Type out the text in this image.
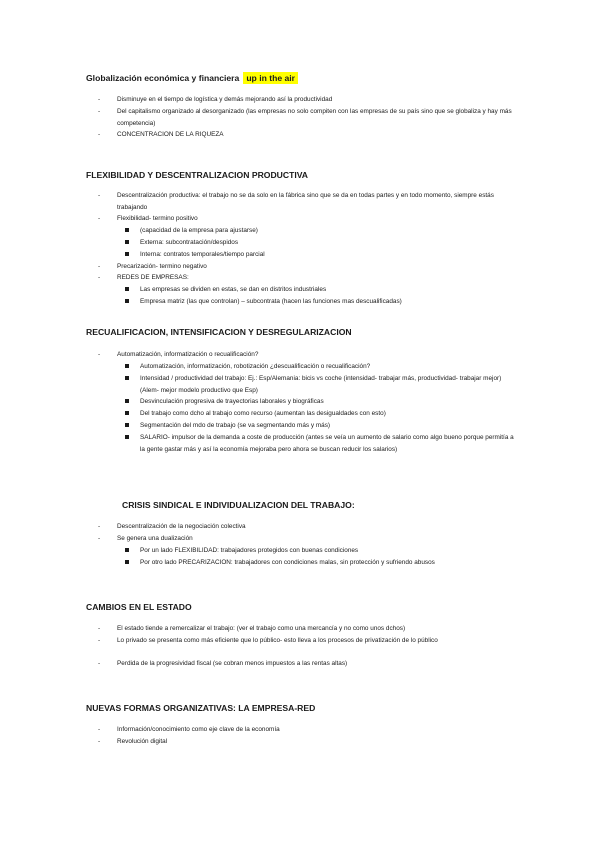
Globalización económica y financiera up in the air
- Disminuye en el tiempo de logística y demás mejorando así la productividad
- Del capitalismo organizado al desorganizado (las empresas no solo compiten con las empresas de su país sino que se globaliza y hay más competencia)
- CONCENTRACION DE LA RIQUEZA
FLEXIBILIDAD Y DESCENTRALIZACION PRODUCTIVA
- Descentralización productiva: el trabajo no se da solo en la fábrica sino que se da en todas partes y en todo momento, siempre estás trabajando
- Flexibilidad- termino positivo
(capacidad de la empresa para ajustarse)
Externa: subcontratación/despidos
Interna: contratos temporales/tiempo parcial
- Precarización- termino negativo
- REDES DE EMPRESAS:
Las empresas se dividen en estas, se dan en distritos industriales
Empresa matriz (las que controlan) – subcontrata (hacen las funciones mas descualificadas)
RECUALIFICACION, INTENSIFICACION Y DESREGULARIZACION
- Automatización, informatización o recualificación?
Automatización, informatización, robotización ¿descualificación o recualificación?
Intensidad / productividad del trabajo: Ej.: Esp/Alemania: bicis vs coche (intensidad- trabajar más, productividad- trabajar mejor) (Alem- mejor modelo productivo que Esp)
Desvinculación progresiva de trayectorias laborales y biográficas
Del trabajo como dcho al trabajo como recurso (aumentan las desigualdades con esto)
Segmentación del mdo de trabajo (se va segmentando más y más)
SALARIO- impulsor de la demanda a coste de producción (antes se veía un aumento de salario como algo bueno porque permitía a la gente gastar más y así la economía mejoraba pero ahora se buscan reducir los salarios)
CRISIS SINDICAL E INDIVIDUALIZACION DEL TRABAJO:
- Descentralización de la negociación colectiva
- Se genera una dualización
Por un lado FLEXIBILIDAD: trabajadores protegidos con buenas condiciones
Por otro lado PRECARIZACION: trabajadores con condiciones malas, sin protección y sufriendo abusos
CAMBIOS EN EL ESTADO
- El estado tiende a remercalizar el trabajo: (ver el trabajo como una mercancía y no como unos dchos)
- Lo privado se presenta como más eficiente que lo público- esto lleva a los procesos de privatización de lo público
- Perdida de la progresividad fiscal (se cobran menos impuestos a las rentas altas)
NUEVAS FORMAS ORGANIZATIVAS: LA EMPRESA-RED
- Información/conocimiento como eje clave de la economía
- Revolución digital
